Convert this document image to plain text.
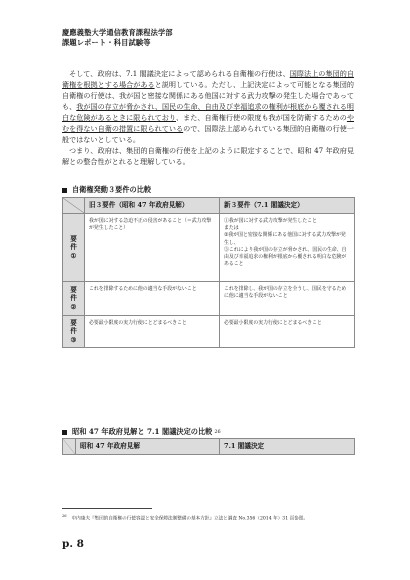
慶應義塾大学通信教育課程法学部
課題レポート・科目試験等

そして、政府は、7.1 閣議決定によって認められる自衛権の行使は、国際法上の集団的自衛権を根拠とする場合があると説明している。ただし、上記決定によって可能となる集団的自衛権の行使は、我が国と密接な関係にある他国に対する武力攻撃の発生した場合であっても、我が国の存立が脅かされ、国民の生命、自由及び幸福追求の権利が根底から覆される明白な危険があるときに限られており、また、自衛権行使の限度も我が国を防衛するためのやむを得ない自衛の措置に限られているので、国際法上認められている集団的自衛権の行使一般ではないとしている。

つまり、政府は、集団的自衛権の行使を上記のように限定することで、昭和 47 年政府見解との整合性がとれると理解している。

自衛権発動３要件の比較
	旧３要件（昭和 47 年政府見解）	新３要件（7.1 閣議決定）

要
件
①	我が国に対する急迫不正の侵害があること（＝武力攻撃が発生したこと）	①我が国に対する武力攻撃が発生したこと
または
②我が国と密接な関係にある他国に対する武力攻撃が発生し、
③これにより我が国の存立が脅かされ、国民の生命、自由及び幸福追求の権利が根底から覆される明白な危険があること

要
件
②	これを排除するために他の適当な手段がないこと	これを排除し、我が国の存立を全うし、国民を守るために他に適当な手段がないこと

要
件
③	必要最小限度の実力行使にとどまるべきこと	必要最小限度の実力行使にとどまるべきこと
昭和 47 年政府見解と 7.1 閣議決定の比較 26
	昭和 47 年政府見解	7.1 閣議決定
$^{26}$中内康夫『集団的自衛権の行使容認と安全保障法制整備の基本方針』立法と調査 No.356（2014 年）31 頁参照。
p. 8
